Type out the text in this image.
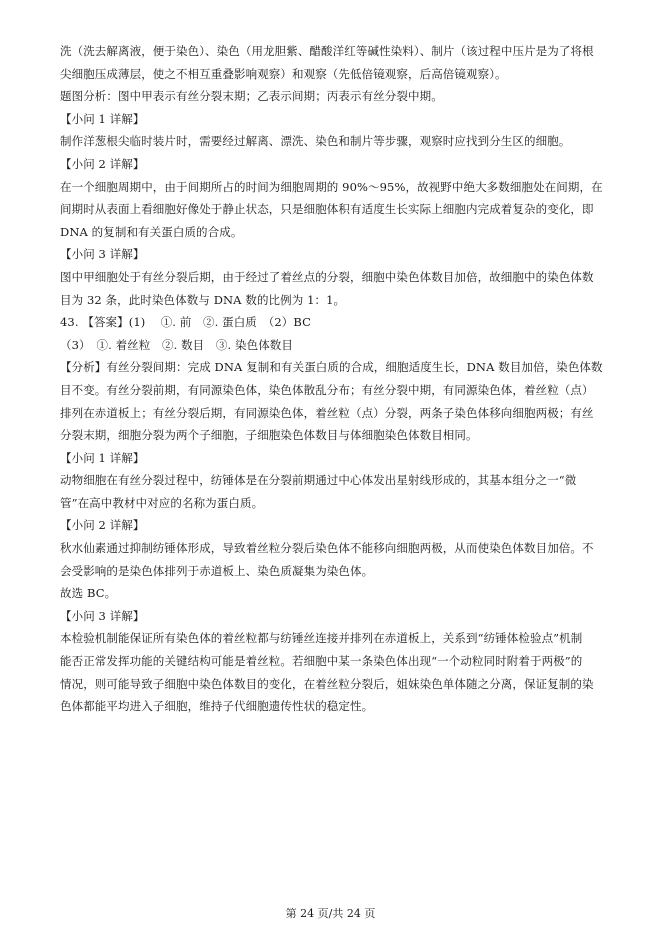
洗（洗去解离液，便于染色）、染色（用龙胆紫、醋酸洋红等碱性染料）、制片（该过程中压片是为了将根
尖细胞压成薄层，使之不相互重叠影响观察）和观察（先低倍镜观察，后高倍镜观察）。
题图分析：图中甲表示有丝分裂末期；乙表示间期；丙表示有丝分裂中期。
【小问 1 详解】
制作洋葱根尖临时装片时，需要经过解离、漂洗、染色和制片等步骤，观察时应找到分生区的细胞。
【小问 2 详解】
在一个细胞周期中，由于间期所占的时间为细胞周期的 90%～95%，故视野中绝大多数细胞处在间期，在
间期时从表面上看细胞好像处于静止状态，只是细胞体积有适度生长实际上细胞内完成着复杂的变化，即
DNA 的复制和有关蛋白质的合成。
【小问 3 详解】
图中甲细胞处于有丝分裂后期，由于经过了着丝点的分裂，细胞中染色体数目加倍，故细胞中的染色体数
目为 32 条，此时染色体数与 DNA 数的比例为 1：1。
43. 【答案】(1)　 ①. 前　②. 蛋白质　（2）BC
（3）　①. 着丝粒　②. 数目　③. 染色体数目
【分析】有丝分裂间期：完成 DNA 复制和有关蛋白质的合成，细胞适度生长，DNA 数目加倍，染色体数
目不变。有丝分裂前期，有同源染色体，染色体散乱分布；有丝分裂中期，有同源染色体，着丝粒（点）
排列在赤道板上；有丝分裂后期，有同源染色体，着丝粒（点）分裂，两条子染色体移向细胞两极；有丝
分裂末期，细胞分裂为两个子细胞，子细胞染色体数目与体细胞染色体数目相同。
【小问 1 详解】
动物细胞在有丝分裂过程中，纺锤体是在分裂前期通过中心体发出星射线形成的，其基本组分之一“微
管”在高中教材中对应的名称为蛋白质。
【小问 2 详解】
秋水仙素通过抑制纺锤体形成，导致着丝粒分裂后染色体不能移向细胞两极，从而使染色体数目加倍。不
会受影响的是染色体排列于赤道板上、染色质凝集为染色体。
故选 BC。
【小问 3 详解】
本检验机制能保证所有染色体的着丝粒都与纺锤丝连接并排列在赤道板上，关系到“纺锤体检验点”机制
能否正常发挥功能的关键结构可能是着丝粒。若细胞中某一条染色体出现“一个动粒同时附着于两极”的
情况，则可能导致子细胞中染色体数目的变化，在着丝粒分裂后，姐妹染色单体随之分离，保证复制的染
色体都能平均进入子细胞，维持子代细胞遗传性状的稳定性。
第 24 页/共 24 页
